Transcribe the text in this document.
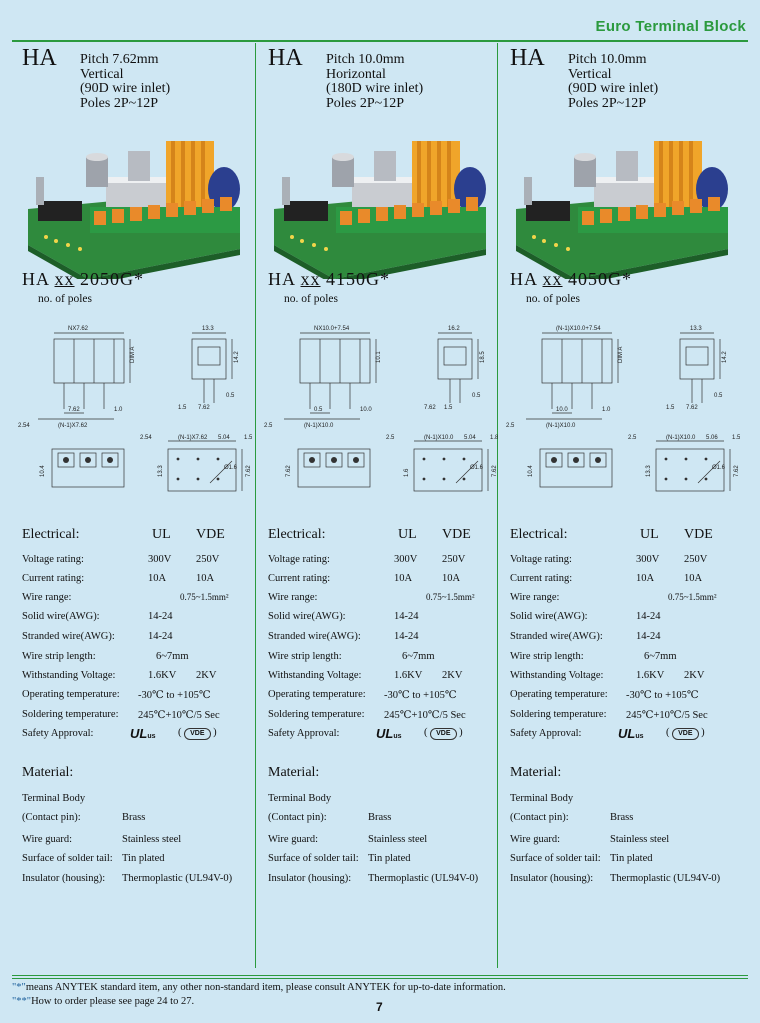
Euro Terminal Block
HA Pitch 7.62mm
Vertical
(90D wire inlet)
Poles 2P~12P
HA xx 2050G*
no. of poles
NX7.62	13.3
DIM A	14.2
7.62	1.0
2.54	(N-1)X7.62
1.5 7.62
0.5
2.54	(N-1)X7.62 5.04 1.5
10.4	13.3	7.62
Ø1.6
Electrical:	UL VDE
Voltage rating:	300V 250V
Current rating:	10A	10A
Wire range:	0.75~1.5mm²
Solid wire(AWG):	14-24
Stranded wire(AWG):	14-24
Wire strip length:	6~7mm
Withstanding Voltage:	1.6KV 2KV
Operating temperature: -30℃ to +105℃
Soldering temperature: 245℃+10℃/5 Sec
Safety Approval:	ULus ( VDE )
Material:
Terminal Body
(Contact pin):	Brass
Wire guard:	Stainless steel
Surface of solder tail: Tin plated
Insulator (housing): Thermoplastic (UL94V-0)
HA Pitch 10.0mm
Horizontal
(180D wire inlet)
Poles 2P~12P
HA xx 4150G*
no. of poles
NX10.0+7.54	16.2
10.1	18.5
0.5	10.0
2.5	(N-1)X10.0
7.62 1.5
0.5
2.5	(N-1)X10.0 5.04 1.8
7.62	1.6	7.62
Ø1.6
Electrical:	UL VDE
Voltage rating:	300V 250V
Current rating:	10A	10A
Wire range:	0.75~1.5mm²
Solid wire(AWG):	14-24
Stranded wire(AWG):	14-24
Wire strip length:	6~7mm
Withstanding Voltage:	1.6KV 2KV
Operating temperature: -30℃ to +105℃
Soldering temperature: 245℃+10℃/5 Sec
Safety Approval:	ULus ( VDE )
Material:
Terminal Body
(Contact pin):	Brass
Wire guard:	Stainless steel
Surface of solder tail: Tin plated
Insulator (housing): Thermoplastic (UL94V-0)
HA Pitch 10.0mm
Vertical
(90D wire inlet)
Poles 2P~12P
HA xx 4050G*
no. of poles
(N-1)X10.0+7.54	13.3
DIM A	14.2
10.0	1.0
2.5	(N-1)X10.0
1.5 7.62
0.5
2.5	(N-1)X10.0 5.06 1.5
10.4	13.3	7.62
Ø1.6
Electrical:	UL VDE
Voltage rating:	300V 250V
Current rating:	10A	10A
Wire range:	0.75~1.5mm²
Solid wire(AWG):	14-24
Stranded wire(AWG):	14-24
Wire strip length:	6~7mm
Withstanding Voltage:	1.6KV 2KV
Operating temperature: -30℃ to +105℃
Soldering temperature: 245℃+10℃/5 Sec
Safety Approval:	ULus ( VDE )
Material:
Terminal Body
(Contact pin):	Brass
Wire guard:	Stainless steel
Surface of solder tail: Tin plated
Insulator (housing): Thermoplastic (UL94V-0)
"*"means ANYTEK standard item, any other non-standard item, please consult ANYTEK for up-to-date information.
"**"How to order please see page 24 to 27.	7
